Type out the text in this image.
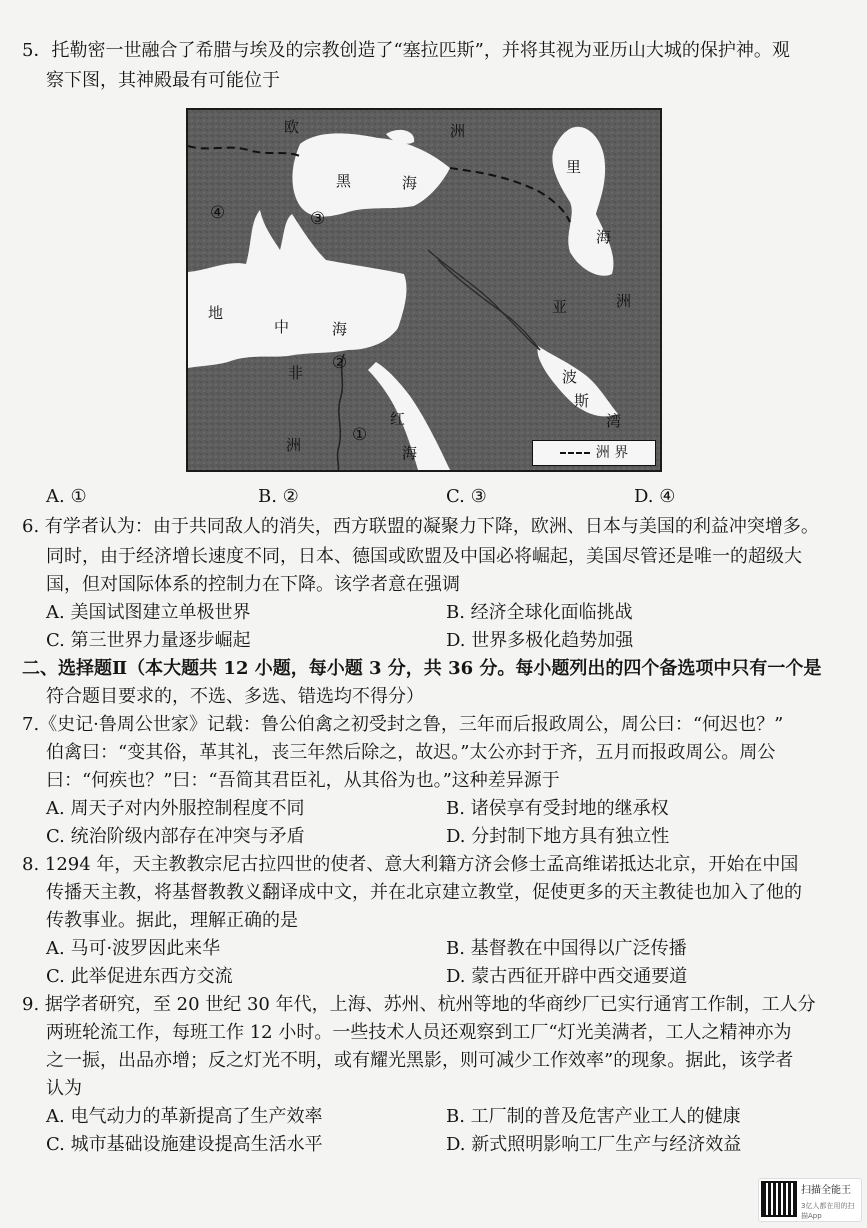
5．托勒密一世融合了希腊与埃及的宗教创造了“塞拉匹斯”，并将其视为亚历山大城的保护神。观
察下图，其神殿最有可能位于
欧	洲
黑	海
里
海
地
中	海
亚	洲
非
洲
红
海
波
斯
湾
①
②
③
④
洲 界
A. ①	B. ②	C. ③	D. ④
6. 有学者认为：由于共同敌人的消失，西方联盟的凝聚力下降，欧洲、日本与美国的利益冲突增多。
同时，由于经济增长速度不同，日本、德国或欧盟及中国必将崛起，美国尽管还是唯一的超级大
国，但对国际体系的控制力在下降。该学者意在强调
A. 美国试图建立单极世界	B. 经济全球化面临挑战
C. 第三世界力量逐步崛起	D. 世界多极化趋势加强
二、选择题Ⅱ（本大题共 12 小题，每小题 3 分，共 36 分。每小题列出的四个备选项中只有一个是
符合题目要求的，不选、多选、错选均不得分）
7.《史记·鲁周公世家》记载：鲁公伯禽之初受封之鲁，三年而后报政周公，周公曰：“何迟也？”
伯禽曰：“变其俗，革其礼，丧三年然后除之，故迟。”太公亦封于齐，五月而报政周公。周公
曰：“何疾也？”曰：“吾简其君臣礼，从其俗为也。”这种差异源于
A. 周天子对内外服控制程度不同	B. 诸侯享有受封地的继承权
C. 统治阶级内部存在冲突与矛盾	D. 分封制下地方具有独立性
8. 1294 年，天主教教宗尼古拉四世的使者、意大利籍方济会修士孟高维诺抵达北京，开始在中国
传播天主教，将基督教教义翻译成中文，并在北京建立教堂，促使更多的天主教徒也加入了他的
传教事业。据此，理解正确的是
A. 马可·波罗因此来华	B. 基督教在中国得以广泛传播
C. 此举促进东西方交流	D. 蒙古西征开辟中西交通要道
9. 据学者研究，至 20 世纪 30 年代，上海、苏州、杭州等地的华商纱厂已实行通宵工作制，工人分
两班轮流工作，每班工作 12 小时。一些技术人员还观察到工厂“灯光美满者，工人之精神亦为
之一振，出品亦增；反之灯光不明，或有耀光黑影，则可减少工作效率”的现象。据此，该学者
认为
A. 电气动力的革新提高了生产效率	B. 工厂制的普及危害产业工人的健康
C. 城市基础设施建设提高生活水平	D. 新式照明影响工厂生产与经济效益
扫描全能王
3亿人都在用的扫描App
